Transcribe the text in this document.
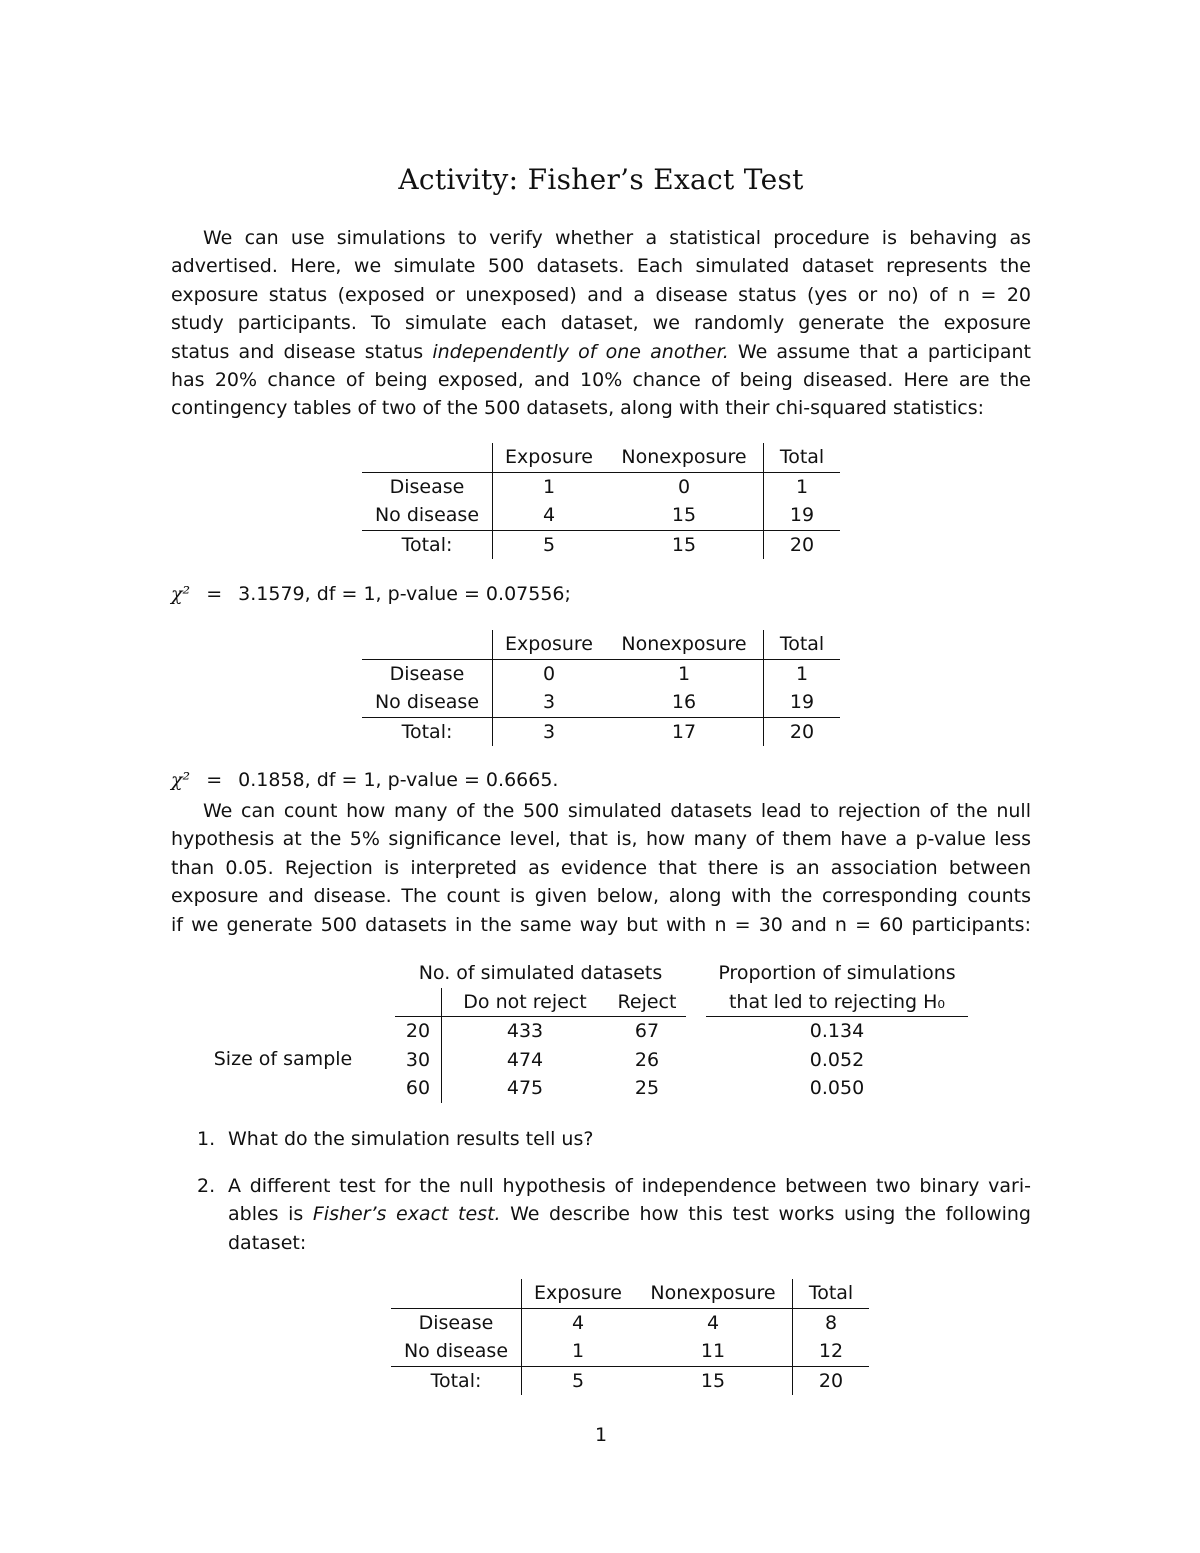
Activity: Fisher’s Exact Test
We can use simulations to verify whether a statistical procedure is behaving as
advertised. Here, we simulate 500 datasets. Each simulated dataset represents the
exposure status (exposed or unexposed) and a disease status (yes or no) of n = 20
study participants. To simulate each dataset, we randomly generate the exposure
status and disease status independently of one another. We assume that a participant
has 20% chance of being exposed, and 10% chance of being diseased. Here are the
contingency tables of two of the 500 datasets, along with their chi-squared statistics:
	Exposure	Nonexposure	Total
Disease	1	0	1
No disease	4	15	19
Total:	5	15	20
χ² = 3.1579, df = 1, p-value = 0.07556;
	Exposure	Nonexposure	Total
Disease	0	1	1
No disease	3	16	19
Total:	3	17	20
χ² = 0.1858, df = 1, p-value = 0.6665.
We can count how many of the 500 simulated datasets lead to rejection of the null
hypothesis at the 5% significance level, that is, how many of them have a p-value less
than 0.05. Rejection is interpreted as evidence that there is an association between
exposure and disease. The count is given below, along with the corresponding counts
if we generate 500 datasets in the same way but with n = 30 and n = 60 participants:
	No. of simulated datasets				Proportion of simulations
		Do not reject	Reject		that led to rejecting H₀
Size of sample	20	433	67		0.134
	30	474	26		0.052
	60	475	25		0.050
1. What do the simulation results tell us?
2. A different test for the null hypothesis of independence between two binary vari-
ables is Fisher’s exact test. We describe how this test works using the following
dataset:
	Exposure	Nonexposure	Total
Disease	4	4	8
No disease	1	11	12
Total:	5	15	20
1
